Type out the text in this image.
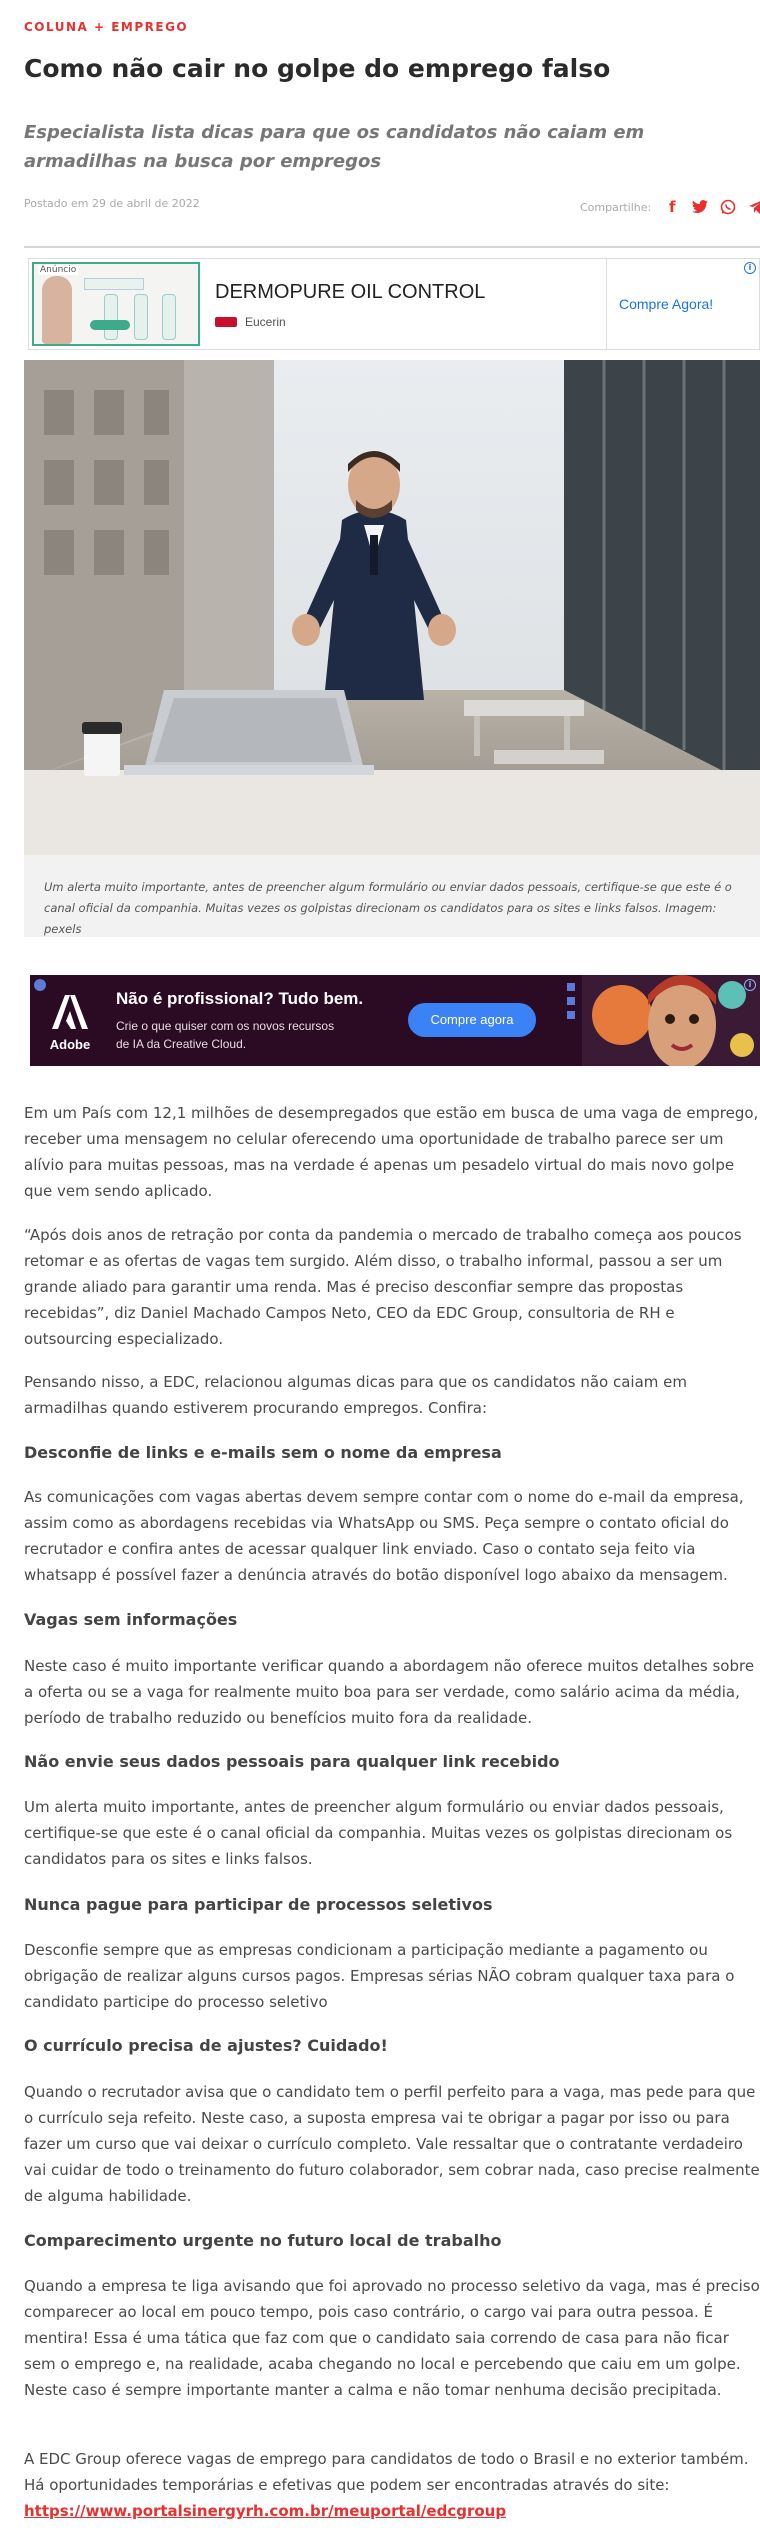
COLUNA + EMPREGO
Como não cair no golpe do emprego falso
Especialista lista dicas para que os candidatos não caiam em armadilhas na busca por empregos
Postado em 29 de abril de 2022	Compartilhe:	f
Anúncio
DERMOPURE OIL CONTROL
Eucerin
Compre Agora!
i

Um alerta muito importante, antes de preencher algum formulário ou enviar dados pessoais, certifique-se que este é o canal oficial da companhia. Muitas vezes os golpistas direcionam os candidatos para os sites e links falsos. Imagem: pexels

Adobe
Não é profissional? Tudo bem.
Crie o que quiser com os novos recursos de IA da Creative Cloud.
Compre agora
i

Em um País com 12,1 milhões de desempregados que estão em busca de uma vaga de emprego, receber uma mensagem no celular oferecendo uma oportunidade de trabalho parece ser um alívio para muitas pessoas, mas na verdade é apenas um pesadelo virtual do mais novo golpe que vem sendo aplicado.

“Após dois anos de retração por conta da pandemia o mercado de trabalho começa aos poucos retomar e as ofertas de vagas tem surgido. Além disso, o trabalho informal, passou a ser um grande aliado para garantir uma renda. Mas é preciso desconfiar sempre das propostas recebidas”, diz Daniel Machado Campos Neto, CEO da EDC Group, consultoria de RH e outsourcing especializado.

Pensando nisso, a EDC, relacionou algumas dicas para que os candidatos não caiam em armadilhas quando estiverem procurando empregos. Confira:

Desconfie de links e e-mails sem o nome da empresa

As comunicações com vagas abertas devem sempre contar com o nome do e-mail da empresa, assim como as abordagens recebidas via WhatsApp ou SMS. Peça sempre o contato oficial do recrutador e confira antes de acessar qualquer link enviado. Caso o contato seja feito via whatsapp é possível fazer a denúncia através do botão disponível logo abaixo da mensagem.

Vagas sem informações

Neste caso é muito importante verificar quando a abordagem não oferece muitos detalhes sobre a oferta ou se a vaga for realmente muito boa para ser verdade, como salário acima da média, período de trabalho reduzido ou benefícios muito fora da realidade.

Não envie seus dados pessoais para qualquer link recebido

Um alerta muito importante, antes de preencher algum formulário ou enviar dados pessoais, certifique-se que este é o canal oficial da companhia. Muitas vezes os golpistas direcionam os candidatos para os sites e links falsos.

Nunca pague para participar de processos seletivos

Desconfie sempre que as empresas condicionam a participação mediante a pagamento ou obrigação de realizar alguns cursos pagos. Empresas sérias NÃO cobram qualquer taxa para o candidato participe do processo seletivo

O currículo precisa de ajustes? Cuidado!

Quando o recrutador avisa que o candidato tem o perfil perfeito para a vaga, mas pede para que o currículo seja refeito. Neste caso, a suposta empresa vai te obrigar a pagar por isso ou para fazer um curso que vai deixar o currículo completo. Vale ressaltar que o contratante verdadeiro vai cuidar de todo o treinamento do futuro colaborador, sem cobrar nada, caso precise realmente de alguma habilidade.

Comparecimento urgente no futuro local de trabalho

Quando a empresa te liga avisando que foi aprovado no processo seletivo da vaga, mas é preciso comparecer ao local em pouco tempo, pois caso contrário, o cargo vai para outra pessoa. É mentira! Essa é uma tática que faz com que o candidato saia correndo de casa para não ficar sem o emprego e, na realidade, acaba chegando no local e percebendo que caiu em um golpe. Neste caso é sempre importante manter a calma e não tomar nenhuma decisão precipitada.

A EDC Group oferece vagas de emprego para candidatos de todo o Brasil e no exterior também. Há oportunidades temporárias e efetivas que podem ser encontradas através do site: https://www.portalsinergyrh.com.br/meuportal/edcgroup
